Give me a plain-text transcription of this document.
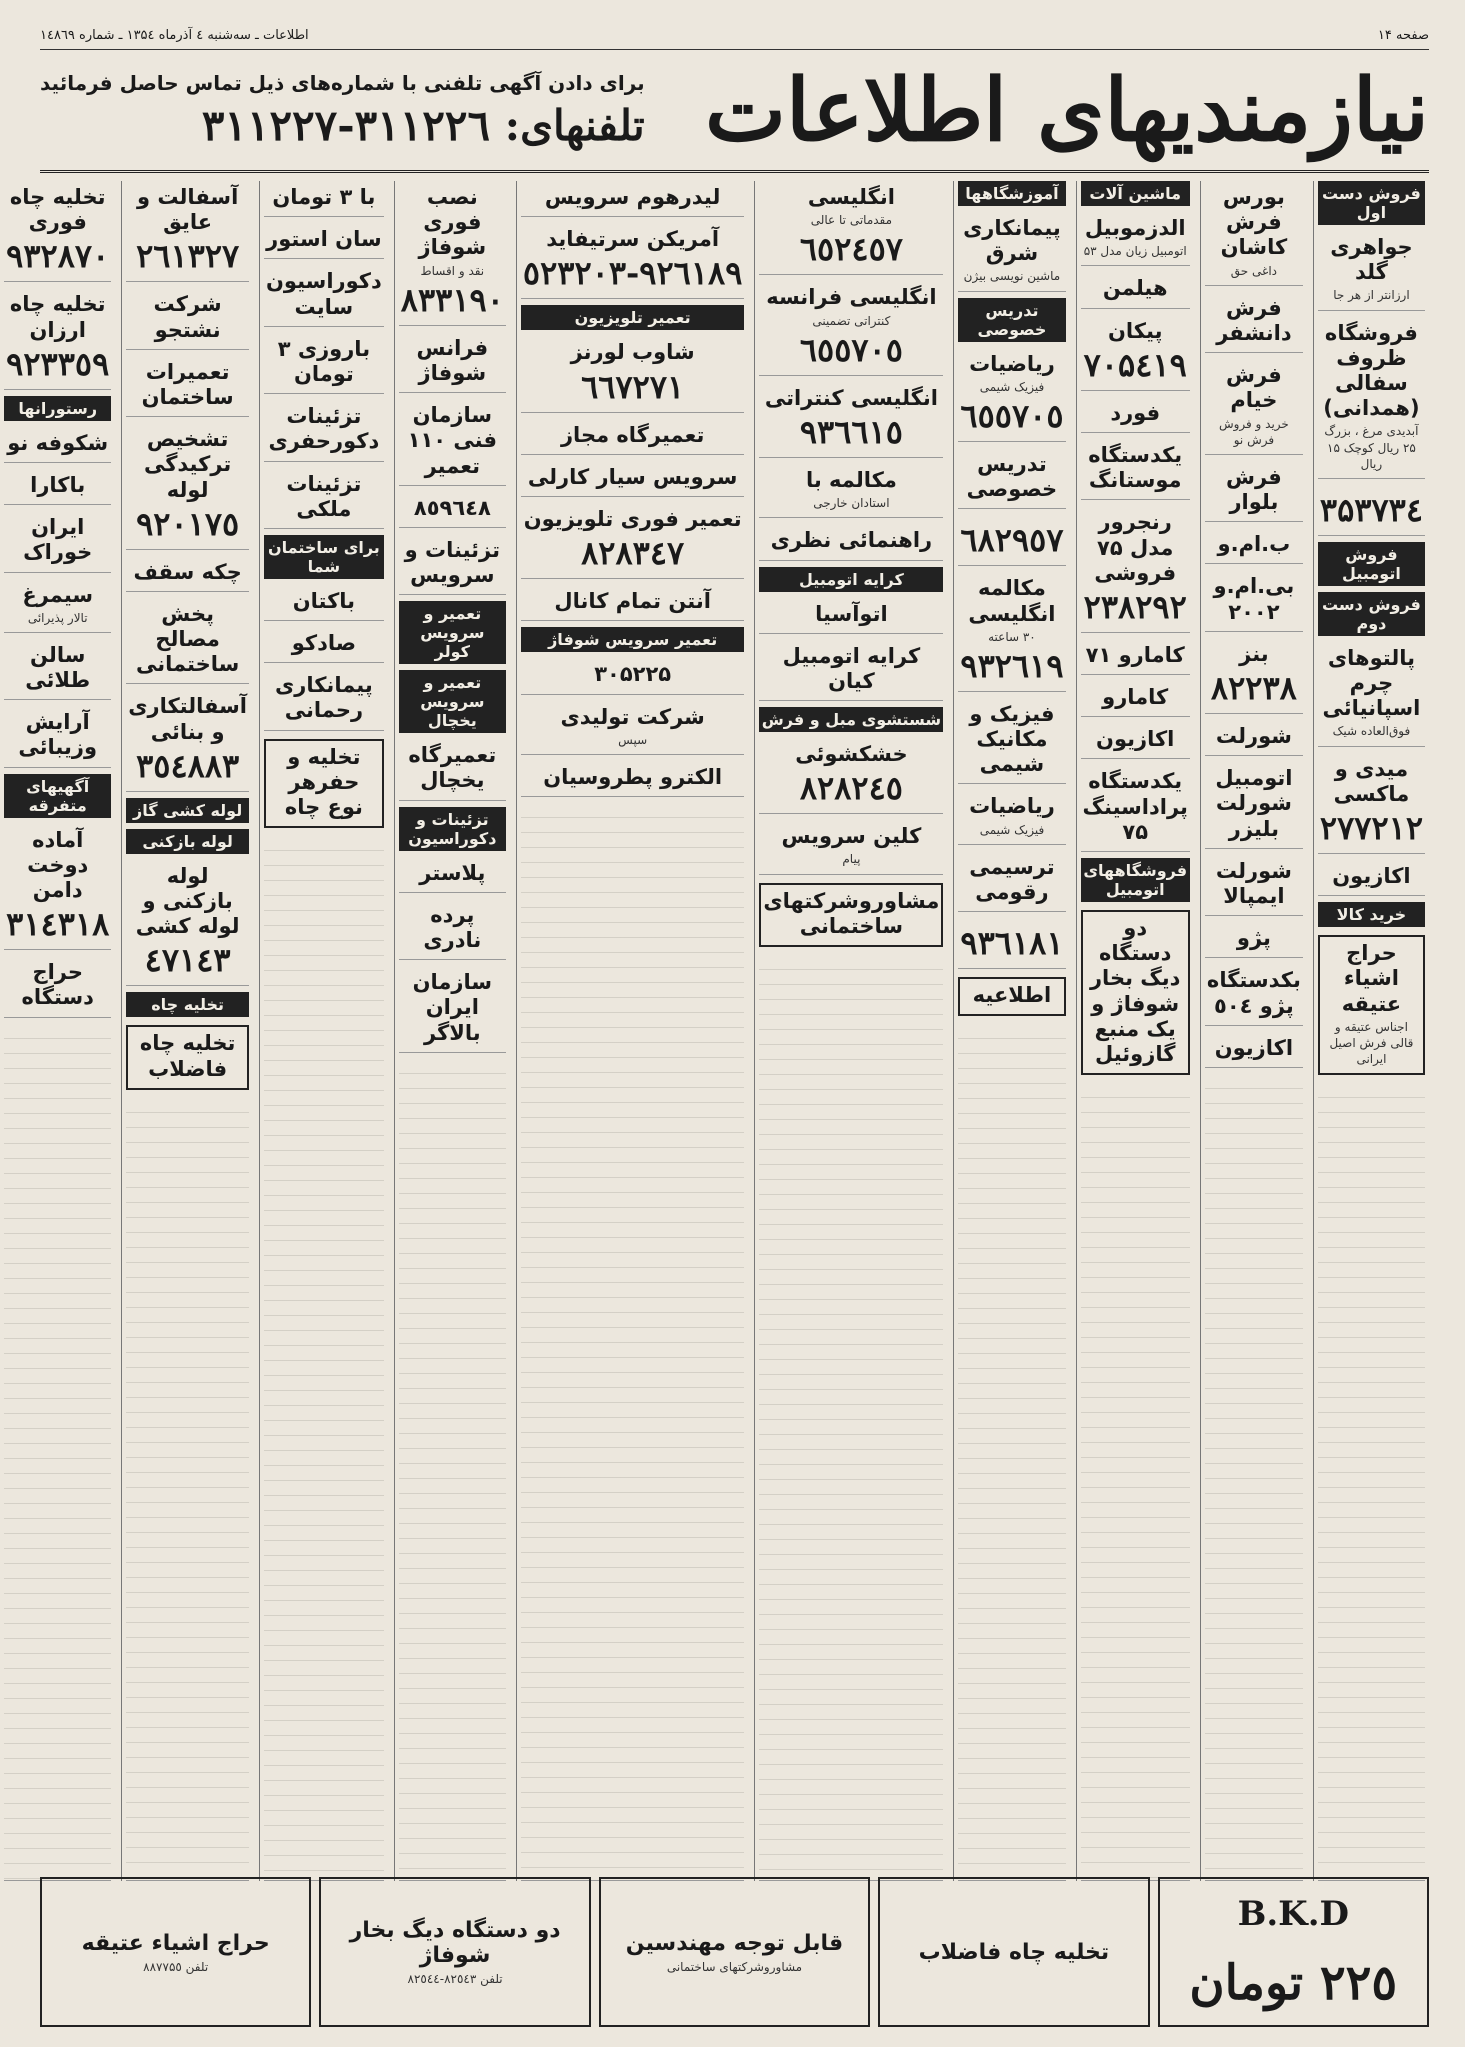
صفحه ۱۴
اطلاعات ـ سه‌شنبه ٤ آذرماه ۱۳۵٤ ـ شماره ۱٤۸٦۹
نیازمندیهای اطلاعات
برای دادن آگهی تلفنی با شماره‌های ذیل تماس حاصل فرمائید
تلفنهای: ۳۱۱۲۲٦-۳۱۱۲۲۷
فروش دست اول
جواهری گلد
ارزانتر از هر جا
فروشگاه ظروف سفالی (همدانی)
آبدیدی مرغ ، بزرگ ۲۵ ریال کوچک ۱۵ ریال
۳۵۳۷۳٤
فروش اتومبیل
فروش دست دوم
پالتوهای چرم اسپانیائی
فوق‌العاده شیک
میدی و ماکسی
۲۷۷۲۱۲
اکازیون
خرید کالا
حراج اشیاء عتیقه
اجناس عتیقه و قالی فرش اصیل ایرانی
بورس فرش کاشان
داغی حق
فرش دانشفر
فرش خیام
خرید و فروش فرش نو
فرش بلوار
ب.ام.و
بی.ام.و ۲۰۰۲
بنز
۸۲۲۳۸
شورلت
اتومبیل شورلت بلیزر
شورلت ایمپالا
پژو
بکدستگاه پژو ٥٠٤
اکازیون
ماشین آلات
الدزموبیل
اتومبیل زیان مدل ۵۳
هیلمن
پیکان
۷۰۵٤۱۹
فورد
یکدستگاه موستانگ
رنجرور مدل ۷۵ فروشی
۲۳۸۲۹۲
کامارو ۷۱
کامارو
اکازیون
یکدستگاه پراداسینگ ۷۵
فروشگاههای اتومبیل
دو دستگاه دیگ بخار شوفاژ و یک منبع گازوئیل
آموزشگاهها
پیمانکاری شرق
ماشین نویسی بیژن
تدریس خصوصی
ریاضیات
فیزیک شیمی
٦٥٥٧٠٥
تدریس خصوصی
٦٨٢٩٥٧
مکالمه انگلیسی
۳۰ ساعته
۹۳۲٦۱۹
فیزیک و مکانیک شیمی
ریاضیات
فیزیک شیمی
ترسیمی رقومی
۹۳٦۱۸۱
اطلاعیه
انگلیسی
مقدماتی تا عالی
٦٥٢٤٥٧
انگلیسی فرانسه
کنتراتی تضمینی
٦٥٥٧٠٥
انگلیسی کنتراتی
۹۳٦٦۱٥
مکالمه با
استادان خارجی
راهنمائی نظری
کرایه اتومبیل
اتوآسیا
کرایه اتومبیل کیان
شستشوی مبل و فرش
خشکشوئی
۸۲۸۲٤٥
کلین سرویس
پیام
مشاوروشرکتهای ساختمانی
لیدرهوم سرویس
آمریکن سرتیفاید
٥٢۳۲۰۳-۹۲٦۱۸۹
تعمیر تلویزیون
شاوب لورنز
٦٦٧۲۷۱
تعمیرگاه مجاز
سرویس سیار کارلی
تعمیر فوری تلویزیون
۸۲۸۳٤۷
آنتن تمام کانال
تعمیر سرویس شوفاژ
۳۰۵۲۲۵
شرکت تولیدی
سپس
الکترو پطروسیان
نصب فوری شوفاژ
نقد و اقساط
۸۳۳۱۹۰
فرانس شوفاژ
سازمان فنی ۱۱۰ تعمیر
۸٥۹٦٤۸
تزئینات و سرویس
تعمیر و سرویس کولر
تعمیر و سرویس یخچال
تعمیرگاه یخچال
تزئینات و دکوراسیون
پلاستر
پرده نادری
سازمان ایران بالاگر
با ۳ تومان
سان استور
دکوراسیون سایت
باروزی ۳ تومان
تزئینات دکورحفری
تزئینات ملکی
برای ساختمان شما
باکتان
صادکو
پیمانکاری رحمانی
تخلیه و حفرهر نوع چاه
آسفالت و عایق
٢٦١٣٢۷
شرکت نشتجو
تعمیرات ساختمان
تشخیص ترکیدگی لوله
۹۲۰۱۷٥
چکه سقف
پخش مصالح ساختمانی
آسفالتکاری و بنائی
۳٥٤۸۸۳
لوله کشی گاز
لوله بازکنی
لوله بازکنی و لوله کشی
٤۷۱٤۳
تخلیه چاه
تخلیه چاه فاضلاب
تخلیه چاه فوری
۹۳۲۸۷۰
تخلیه چاه ارزان
۹۲۳۳٥۹
رستورانها
شکوفه نو
باکارا
ایران خوراک
سیمرغ
تالار پذیرائی
سالن طلائی
آرایش وزیبائی
آگهیهای متفرقه
آماده دوخت دامن
۳۱٤۳۱۸
حراج دستگاه
B.K.D
۲۲٥ تومان
تخلیه چاه فاضلاب
قابل توجه مهندسین
مشاوروشرکتهای ساختمانی
دو دستگاه دیگ بخار شوفاژ
تلفن ۸۲٥٤۳-۸۲٥٤٤
حراج اشیاء عتیقه
تلفن ۸۸۷۷۵٥
